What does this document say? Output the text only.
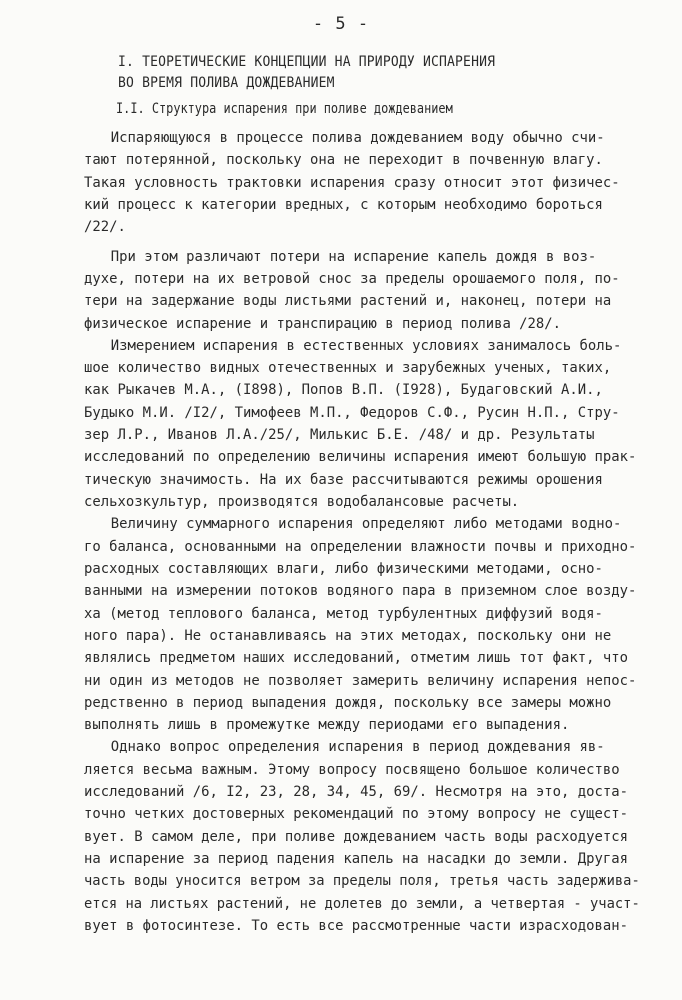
- 5 -
I. ТЕОРЕТИЧЕСКИЕ КОНЦЕПЦИИ НА ПРИРОДУ ИСПАРЕНИЯ
ВО ВРЕМЯ ПОЛИВА ДОЖДЕВАНИЕМ
I.I. Структура испарения при поливе дождеванием
Испаряющуюся в процессе полива дождеванием воду обычно счи-
тают потерянной, поскольку она не переходит в почвенную влагу.
Такая условность трактовки испарения сразу относит этот физичес-
кий процесс к категории вредных, с которым необходимо бороться
/22/.
При этом различают потери на испарение капель дождя в воз-
духе, потери на их ветровой снос за пределы орошаемого поля, по-
тери на задержание воды листьями растений и, наконец, потери на
физическое испарение и транспирацию в период полива /28/.
Измерением испарения в естественных условиях занималось боль-
шое количество видных отечественных и зарубежных ученых, таких,
как Рыкачев М.А., (I898), Попов В.П. (I928), Будаговский А.И.,
Будыко М.И. /I2/, Тимофеев М.П., Федоров С.Ф., Русин Н.П., Стру-
зер Л.Р., Иванов Л.А./25/, Милькис Б.Е. /48/ и др. Результаты
исследований по определению величины испарения имеют большую прак-
тическую значимость. На их базе рассчитываются режимы орошения
сельхозкультур, производятся водобалансовые расчеты.
Величину суммарного испарения определяют либо методами водно-
го баланса, основанными на определении влажности почвы и приходно-
расходных составляющих влаги, либо физическими методами, осно-
ванными на измерении потоков водяного пара в приземном слое возду-
ха (метод теплового баланса, метод турбулентных диффузий водя-
ного пара). Не останавливаясь на этих методах, поскольку они не
являлись предметом наших исследований, отметим лишь тот факт, что
ни один из методов не позволяет замерить величину испарения непос-
редственно в период выпадения дождя, поскольку все замеры можно
выполнять лишь в промежутке между периодами его выпадения.
Однако вопрос определения испарения в период дождевания яв-
ляется весьма важным. Этому вопросу посвящено большое количество
исследований /6, I2, 23, 28, 34, 45, 69/. Несмотря на это, доста-
точно четких достоверных рекомендаций по этому вопросу не сущест-
вует. В самом деле, при поливе дождеванием часть воды расходуется
на испарение за период падения капель на насадки до земли. Другая
часть воды уносится ветром за пределы поля, третья часть задержива-
ется на листьях растений, не долетев до земли, а четвертая - участ-
вует в фотосинтезе. То есть все рассмотренные части израсходован-
